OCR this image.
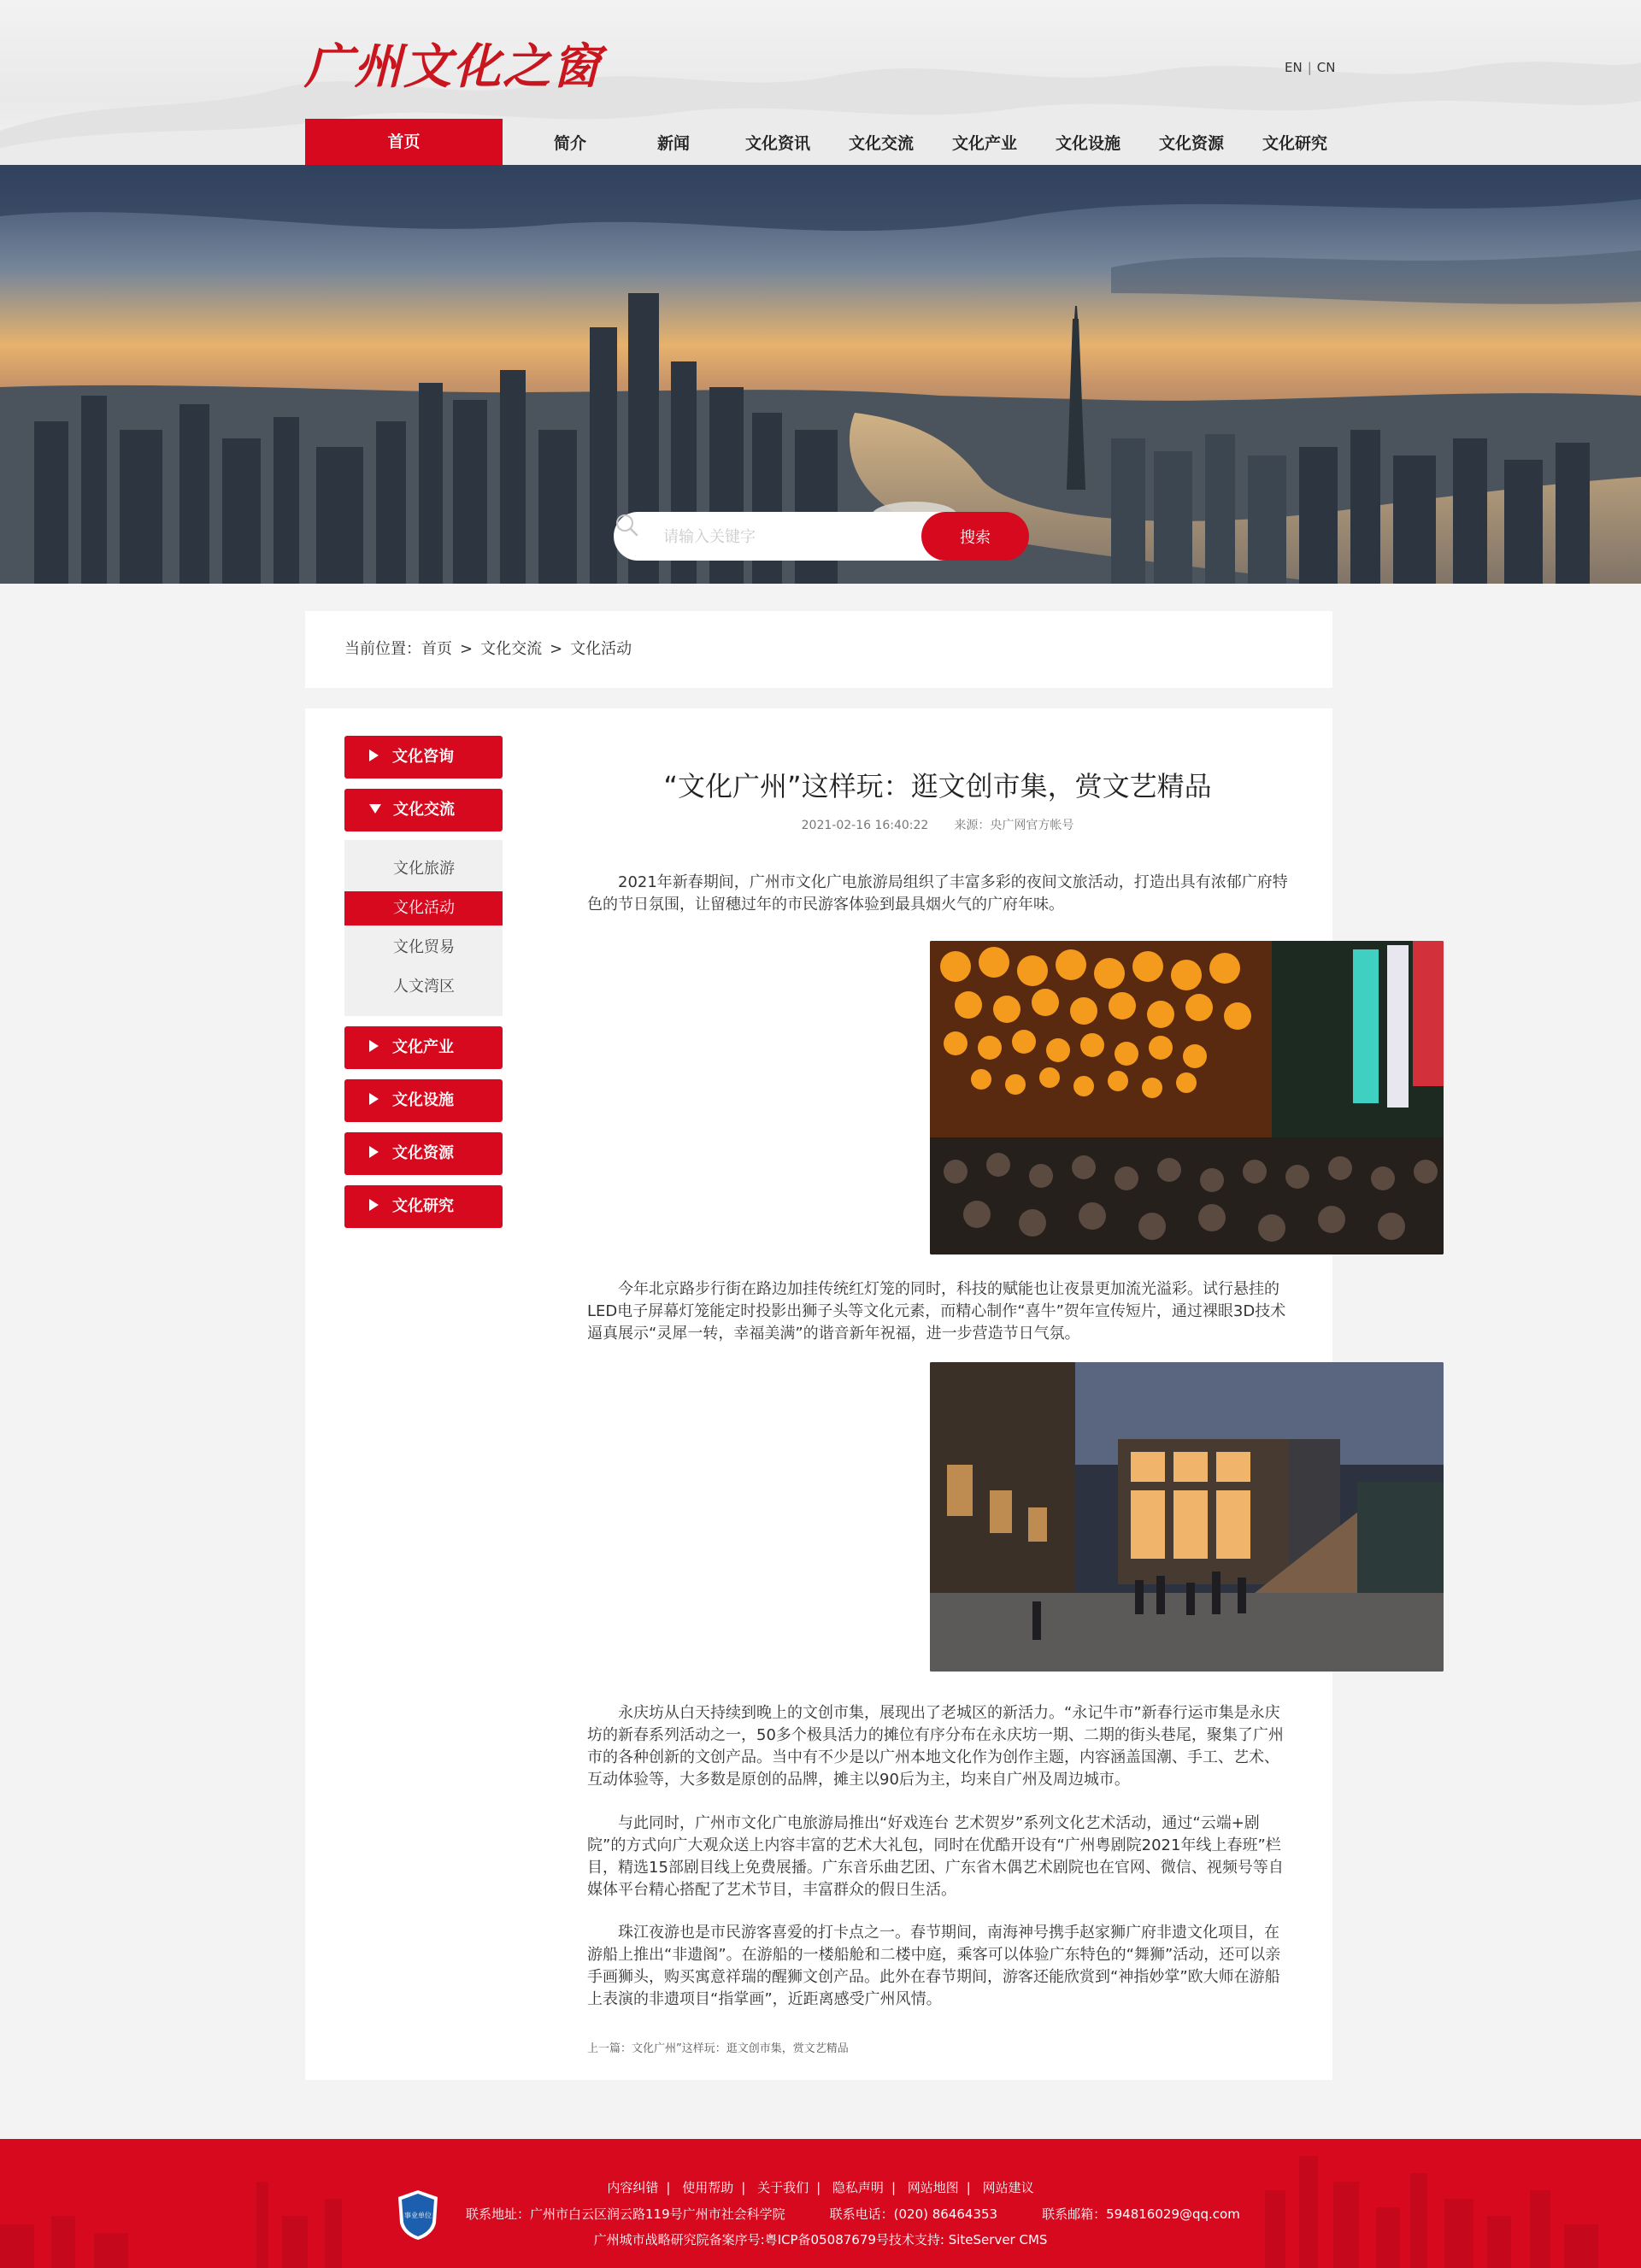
广州文化之窗	EN | CN
首页	简介	新闻	文化资讯	文化交流	文化产业	文化设施	文化资源	文化研究
请输入关键字
搜索
当前位置：首页 > 文化交流 > 文化活动
文化咨询
文化交流
文化旅游
文化活动
文化贸易
人文湾区
文化产业
文化设施
文化资源
文化研究
“文化广州”这样玩：逛文创市集，赏文艺精品
2021-02-16 16:40:22 来源：央广网官方帐号
2021年新春期间，广州市文化广电旅游局组织了丰富多彩的夜间文旅活动，打造出具有浓郁广府特色的节日氛围，让留穗过年的市民游客体验到最具烟火气的广府年味。
今年北京路步行街在路边加挂传统红灯笼的同时，科技的赋能也让夜景更加流光溢彩。试行悬挂的LED电子屏幕灯笼能定时投影出狮子头等文化元素，而精心制作“喜牛”贺年宣传短片，通过裸眼3D技术逼真展示“灵犀一转，幸福美满”的谐音新年祝福，进一步营造节日气氛。
永庆坊从白天持续到晚上的文创市集，展现出了老城区的新活力。“永记牛市”新春行运市集是永庆坊的新春系列活动之一，50多个极具活力的摊位有序分布在永庆坊一期、二期的街头巷尾，聚集了广州市的各种创新的文创产品。当中有不少是以广州本地文化作为创作主题，内容涵盖国潮、手工、艺术、互动体验等，大多数是原创的品牌，摊主以90后为主，均来自广州及周边城市。
与此同时，广州市文化广电旅游局推出“好戏连台 艺术贺岁”系列文化艺术活动，通过“云端+剧院”的方式向广大观众送上内容丰富的艺术大礼包，同时在优酷开设有“广州粤剧院2021年线上春班”栏目，精选15部剧目线上免费展播。广东音乐曲艺团、广东省木偶艺术剧院也在官网、微信、视频号等自媒体平台精心搭配了艺术节目，丰富群众的假日生活。
珠江夜游也是市民游客喜爱的打卡点之一。春节期间，南海神号携手赵家狮广府非遗文化项目，在游船上推出“非遗阁”。在游船的一楼船舱和二楼中庭，乘客可以体验广东特色的“舞狮”活动，还可以亲手画狮头，购买寓意祥瑞的醒狮文创产品。此外在春节期间，游客还能欣赏到“神指妙掌”欧大师在游船上表演的非遗项目“指掌画”，近距离感受广州风情。
上一篇：文化广州”这样玩：逛文创市集，赏文艺精品
事业单位
内容纠错 | 使用帮助 | 关于我们 | 隐私声明 | 网站地图 | 网站建议
联系地址：广州市白云区润云路119号广州市社会科学院	联系电话：(020) 86464353	联系邮箱：594816029@qq.com
广州城市战略研究院备案序号:粤ICP备05087679号技术支持: SiteServer CMS
